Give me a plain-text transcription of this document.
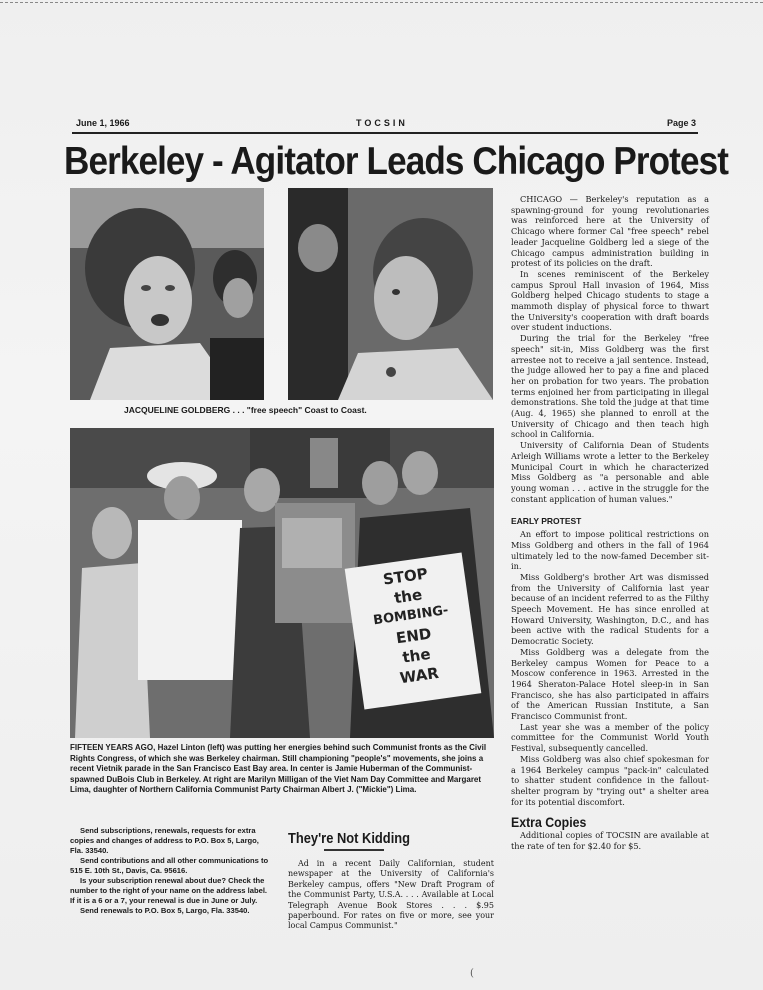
June 1, 1966	TOCSIN	Page 3
Berkeley - Agitator Leads Chicago Protest
JACQUELINE GOLDBERG . . . "free speech" Coast to Coast.
STOP
the
BOMBING-
END
the
WAR

FIFTEEN YEARS AGO, Hazel Linton (left) was putting her energies behind such Communist fronts as the Civil Rights Congress, of which she was Berkeley chairman. Still championing "people's" movements, she joins a recent Vietnik parade in the San Francisco East Bay area. In center is Jamie Huberman of the Communist-spawned DuBois Club in Berkeley. At right are Marilyn Milligan of the Viet Nam Day Committee and Margaret Lima, daughter of Northern California Communist Party Chairman Albert J. ("Mickie") Lima.

Send subscriptions, renewals, requests for extra copies and changes of address to P.O. Box 5, Largo, Fla. 33540.

Send contributions and all other communications to 515 E. 10th St., Davis, Ca. 95616.

Is your subscription renewal about due? Check the number to the right of your name on the address label. If it is a 6 or a 7, your renewal is due in June or July.

Send renewals to P.O. Box 5, Largo, Fla. 33540.

They're Not Kidding

Ad in a recent Daily Californian, student newspaper at the University of California's Berkeley campus, offers "New Draft Program of the Communist Party, U.S.A. . . . Available at Local Telegraph Avenue Book Stores . . . $.95 paperbound. For rates on five or more, see your local Campus Communist."

CHICAGO — Berkeley's reputation as a spawning-ground for young revolutionaries was reinforced here at the University of Chicago where former Cal "free speech" rebel leader Jacqueline Goldberg led a siege of the Chicago campus administration building in protest of its policies on the draft.

In scenes reminiscent of the Berkeley campus Sproul Hall invasion of 1964, Miss Goldberg helped Chicago students to stage a mammoth display of physical force to thwart the University's cooperation with draft boards over student inductions.

During the trial for the Berkeley "free speech" sit-in, Miss Goldberg was the first arrestee not to receive a jail sentence. Instead, the judge allowed her to pay a fine and placed her on probation for two years. The probation terms enjoined her from participating in illegal demonstrations. She told the judge at that time (Aug. 4, 1965) she planned to enroll at the University of Chicago and then teach high school in California.

University of California Dean of Students Arleigh Williams wrote a letter to the Berkeley Municipal Court in which he characterized Miss Goldberg as "a personable and able young woman . . . active in the struggle for the constant application of human values."

EARLY PROTEST

An effort to impose political restrictions on Miss Goldberg and others in the fall of 1964 ultimately led to the now-famed December sit-in.

Miss Goldberg's brother Art was dismissed from the University of California last year because of an incident referred to as the Filthy Speech Movement. He has since enrolled at Howard University, Washington, D.C., and has been active with the radical Students for a Democratic Society.

Miss Goldberg was a delegate from the Berkeley campus Women for Peace to a Moscow conference in 1963. Arrested in the 1964 Sheraton-Palace Hotel sleep-in in San Francisco, she has also participated in affairs of the American Russian Institute, a San Francisco Communist front.

Last year she was a member of the policy committee for the Communist World Youth Festival, subsequently cancelled.

Miss Goldberg was also chief spokesman for a 1964 Berkeley campus "pack-in" calculated to shatter student confidence in the fallout-shelter program by "trying out" a shelter area for its potential discomfort.

Extra Copies

Additional copies of TOCSIN are available at the rate of ten for $2.40 for $5.

(
